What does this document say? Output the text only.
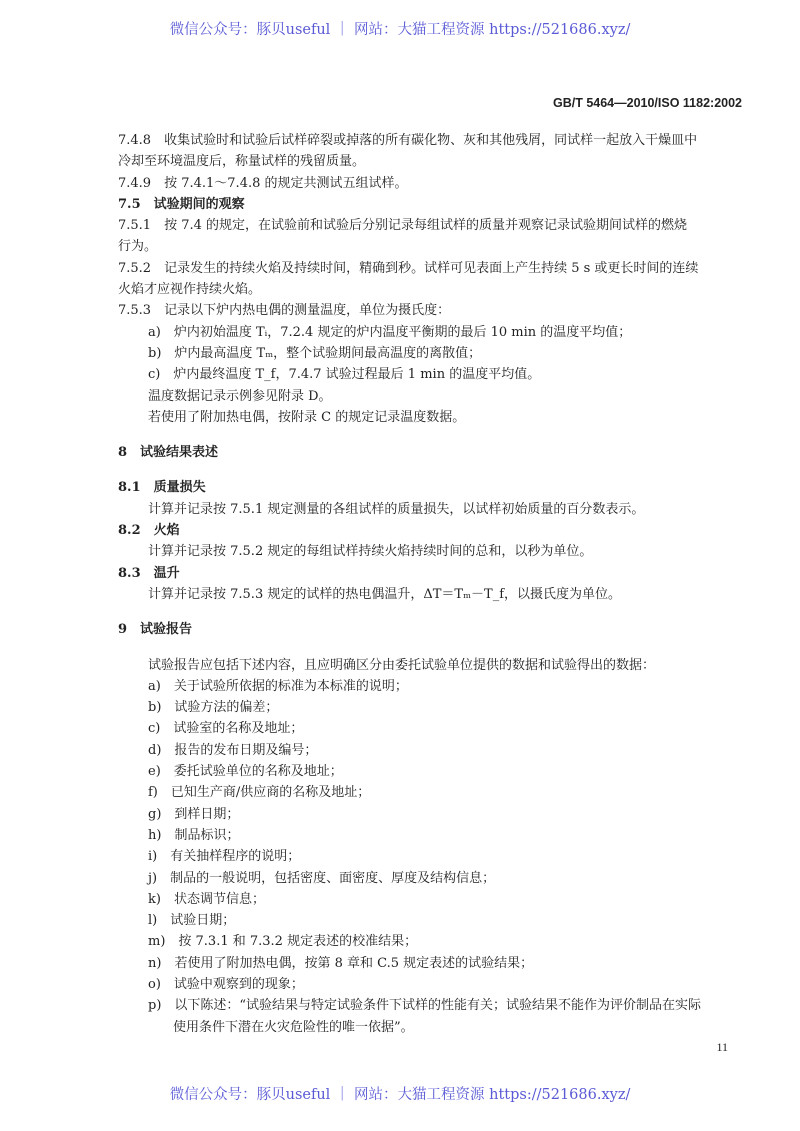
微信公众号：豚贝useful ｜ 网站：大猫工程资源 https://521686.xyz/
GB/T 5464—2010/ISO 1182:2002
7.4.8　收集试验时和试验后试样碎裂或掉落的所有碳化物、灰和其他残屑，同试样一起放入干燥皿中
冷却至环境温度后，称量试样的残留质量。
7.4.9　按 7.4.1～7.4.8 的规定共测试五组试样。
7.5　试验期间的观察
7.5.1　按 7.4 的规定，在试验前和试验后分别记录每组试样的质量并观察记录试验期间试样的燃烧
行为。
7.5.2　记录发生的持续火焰及持续时间，精确到秒。试样可见表面上产生持续 5 s 或更长时间的连续
火焰才应视作持续火焰。
7.5.3　记录以下炉内热电偶的测量温度，单位为摄氏度：
a)　炉内初始温度 Tᵢ，7.2.4 规定的炉内温度平衡期的最后 10 min 的温度平均值；
b)　炉内最高温度 Tₘ，整个试验期间最高温度的离散值；
c)　炉内最终温度 T_f，7.4.7 试验过程最后 1 min 的温度平均值。
温度数据记录示例参见附录 D。
若使用了附加热电偶，按附录 C 的规定记录温度数据。
8　试验结果表述
8.1　质量损失
计算并记录按 7.5.1 规定测量的各组试样的质量损失，以试样初始质量的百分数表示。
8.2　火焰
计算并记录按 7.5.2 规定的每组试样持续火焰持续时间的总和，以秒为单位。
8.3　温升
计算并记录按 7.5.3 规定的试样的热电偶温升，ΔT＝Tₘ－T_f，以摄氏度为单位。
9　试验报告
试验报告应包括下述内容，且应明确区分由委托试验单位提供的数据和试验得出的数据：
a)　关于试验所依据的标准为本标准的说明；
b)　试验方法的偏差；
c)　试验室的名称及地址；
d)　报告的发布日期及编号；
e)　委托试验单位的名称及地址；
f)　已知生产商/供应商的名称及地址；
g)　到样日期；
h)　制品标识；
i)　有关抽样程序的说明；
j)　制品的一般说明，包括密度、面密度、厚度及结构信息；
k)　状态调节信息；
l)　试验日期；
m)　按 7.3.1 和 7.3.2 规定表述的校准结果；
n)　若使用了附加热电偶，按第 8 章和 C.5 规定表述的试验结果；
o)　试验中观察到的现象；
p)　以下陈述：“试验结果与特定试验条件下试样的性能有关；试验结果不能作为评价制品在实际
使用条件下潜在火灾危险性的唯一依据”。
11
微信公众号：豚贝useful ｜ 网站：大猫工程资源 https://521686.xyz/
